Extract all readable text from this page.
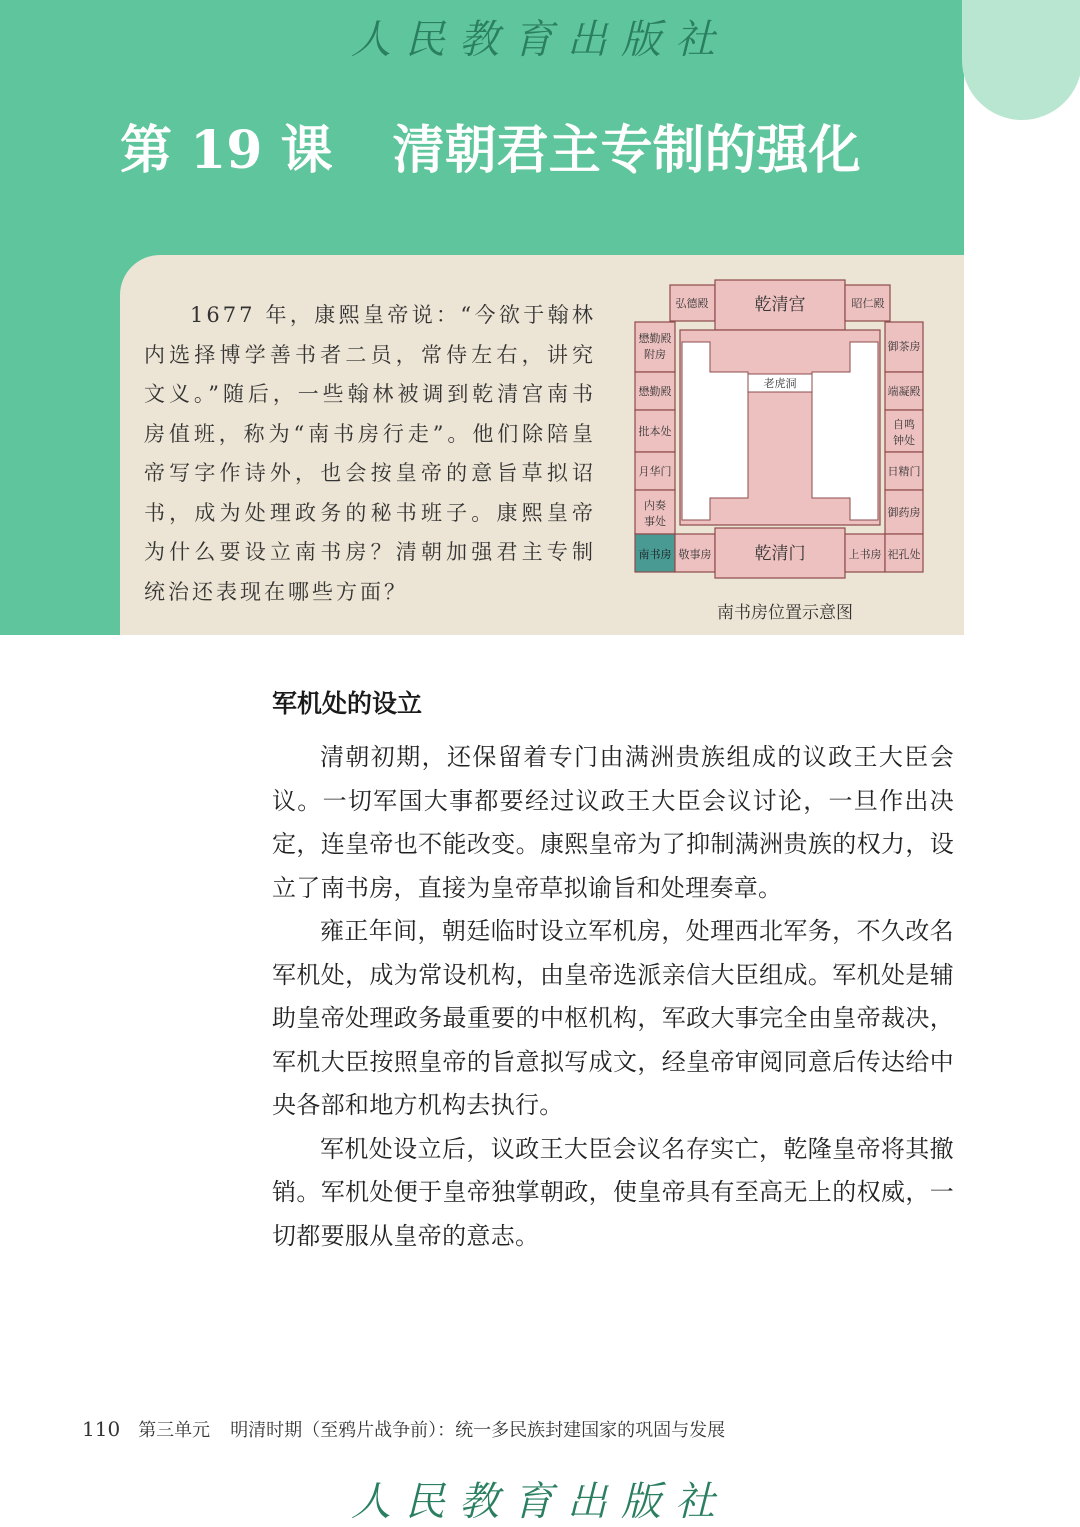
人民教育出版社
第 19 课 清朝君主专制的强化
1677 年，康熙皇帝说：“今欲于翰林内选择博学善书者二员，常侍左右，讲究文义。”随后，一些翰林被调到乾清宫南书房值班，称为“南书房行走”。他们除陪皇帝写字作诗外，也会按皇帝的意旨草拟诏书，成为处理政务的秘书班子。康熙皇帝为什么要设立南书房？清朝加强君主专制统治还表现在哪些方面？
弘德殿	乾清宫	昭仁殿
懋勤殿
附房
御茶房
老虎洞
懋勤殿	端凝殿
批本处
自鸣
钟处
月华门	日精门
内奏
事处
御药房
南书房 敬事房	乾清门	上书房 祀孔处
南书房位置示意图
军机处的设立

清朝初期，还保留着专门由满洲贵族组成的议政王大臣会议。一切军国大事都要经过议政王大臣会议讨论，一旦作出决定，连皇帝也不能改变。康熙皇帝为了抑制满洲贵族的权力，设立了南书房，直接为皇帝草拟谕旨和处理奏章。

雍正年间，朝廷临时设立军机房，处理西北军务，不久改名军机处，成为常设机构，由皇帝选派亲信大臣组成。军机处是辅助皇帝处理政务最重要的中枢机构，军政大事完全由皇帝裁决，军机大臣按照皇帝的旨意拟写成文，经皇帝审阅同意后传达给中央各部和地方机构去执行。

军机处设立后，议政王大臣会议名存实亡，乾隆皇帝将其撤销。军机处便于皇帝独掌朝政，使皇帝具有至高无上的权威，一切都要服从皇帝的意志。

110 第三单元 明清时期（至鸦片战争前）：统一多民族封建国家的巩固与发展
人民教育出版社
